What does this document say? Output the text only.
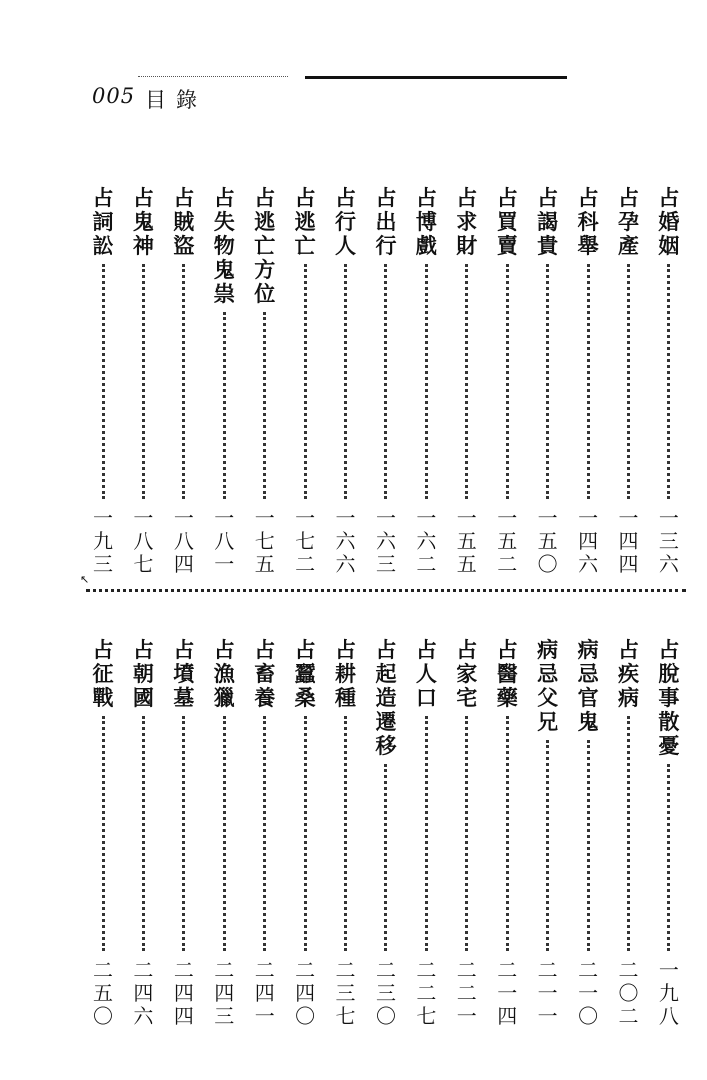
005 目錄
占婚姻
一三六
占孕產
一四四
占科舉
一四六
占謁貴
一五〇
占買賣
一五二
占求財
一五五
占博戲
一六二
占出行
一六三
占行人
一六六
占逃亡
一七二
占逃亡方位
一七五
占失物鬼祟
一八一
占賊盜
一八四
占鬼神
一八七
占詞訟
一九三
↖
占脫事散憂
一九八
占疾病
二〇二
病忌官鬼
二一〇
病忌父兄
二一一
占醫藥
二一四
占家宅
二二一
占人口
二二七
占起造遷移
二三〇
占耕種
二三七
占蠶桑
二四〇
占畜養
二四一
占漁獵
二四三
占墳墓
二四四
占朝國
二四六
占征戰
二五〇
